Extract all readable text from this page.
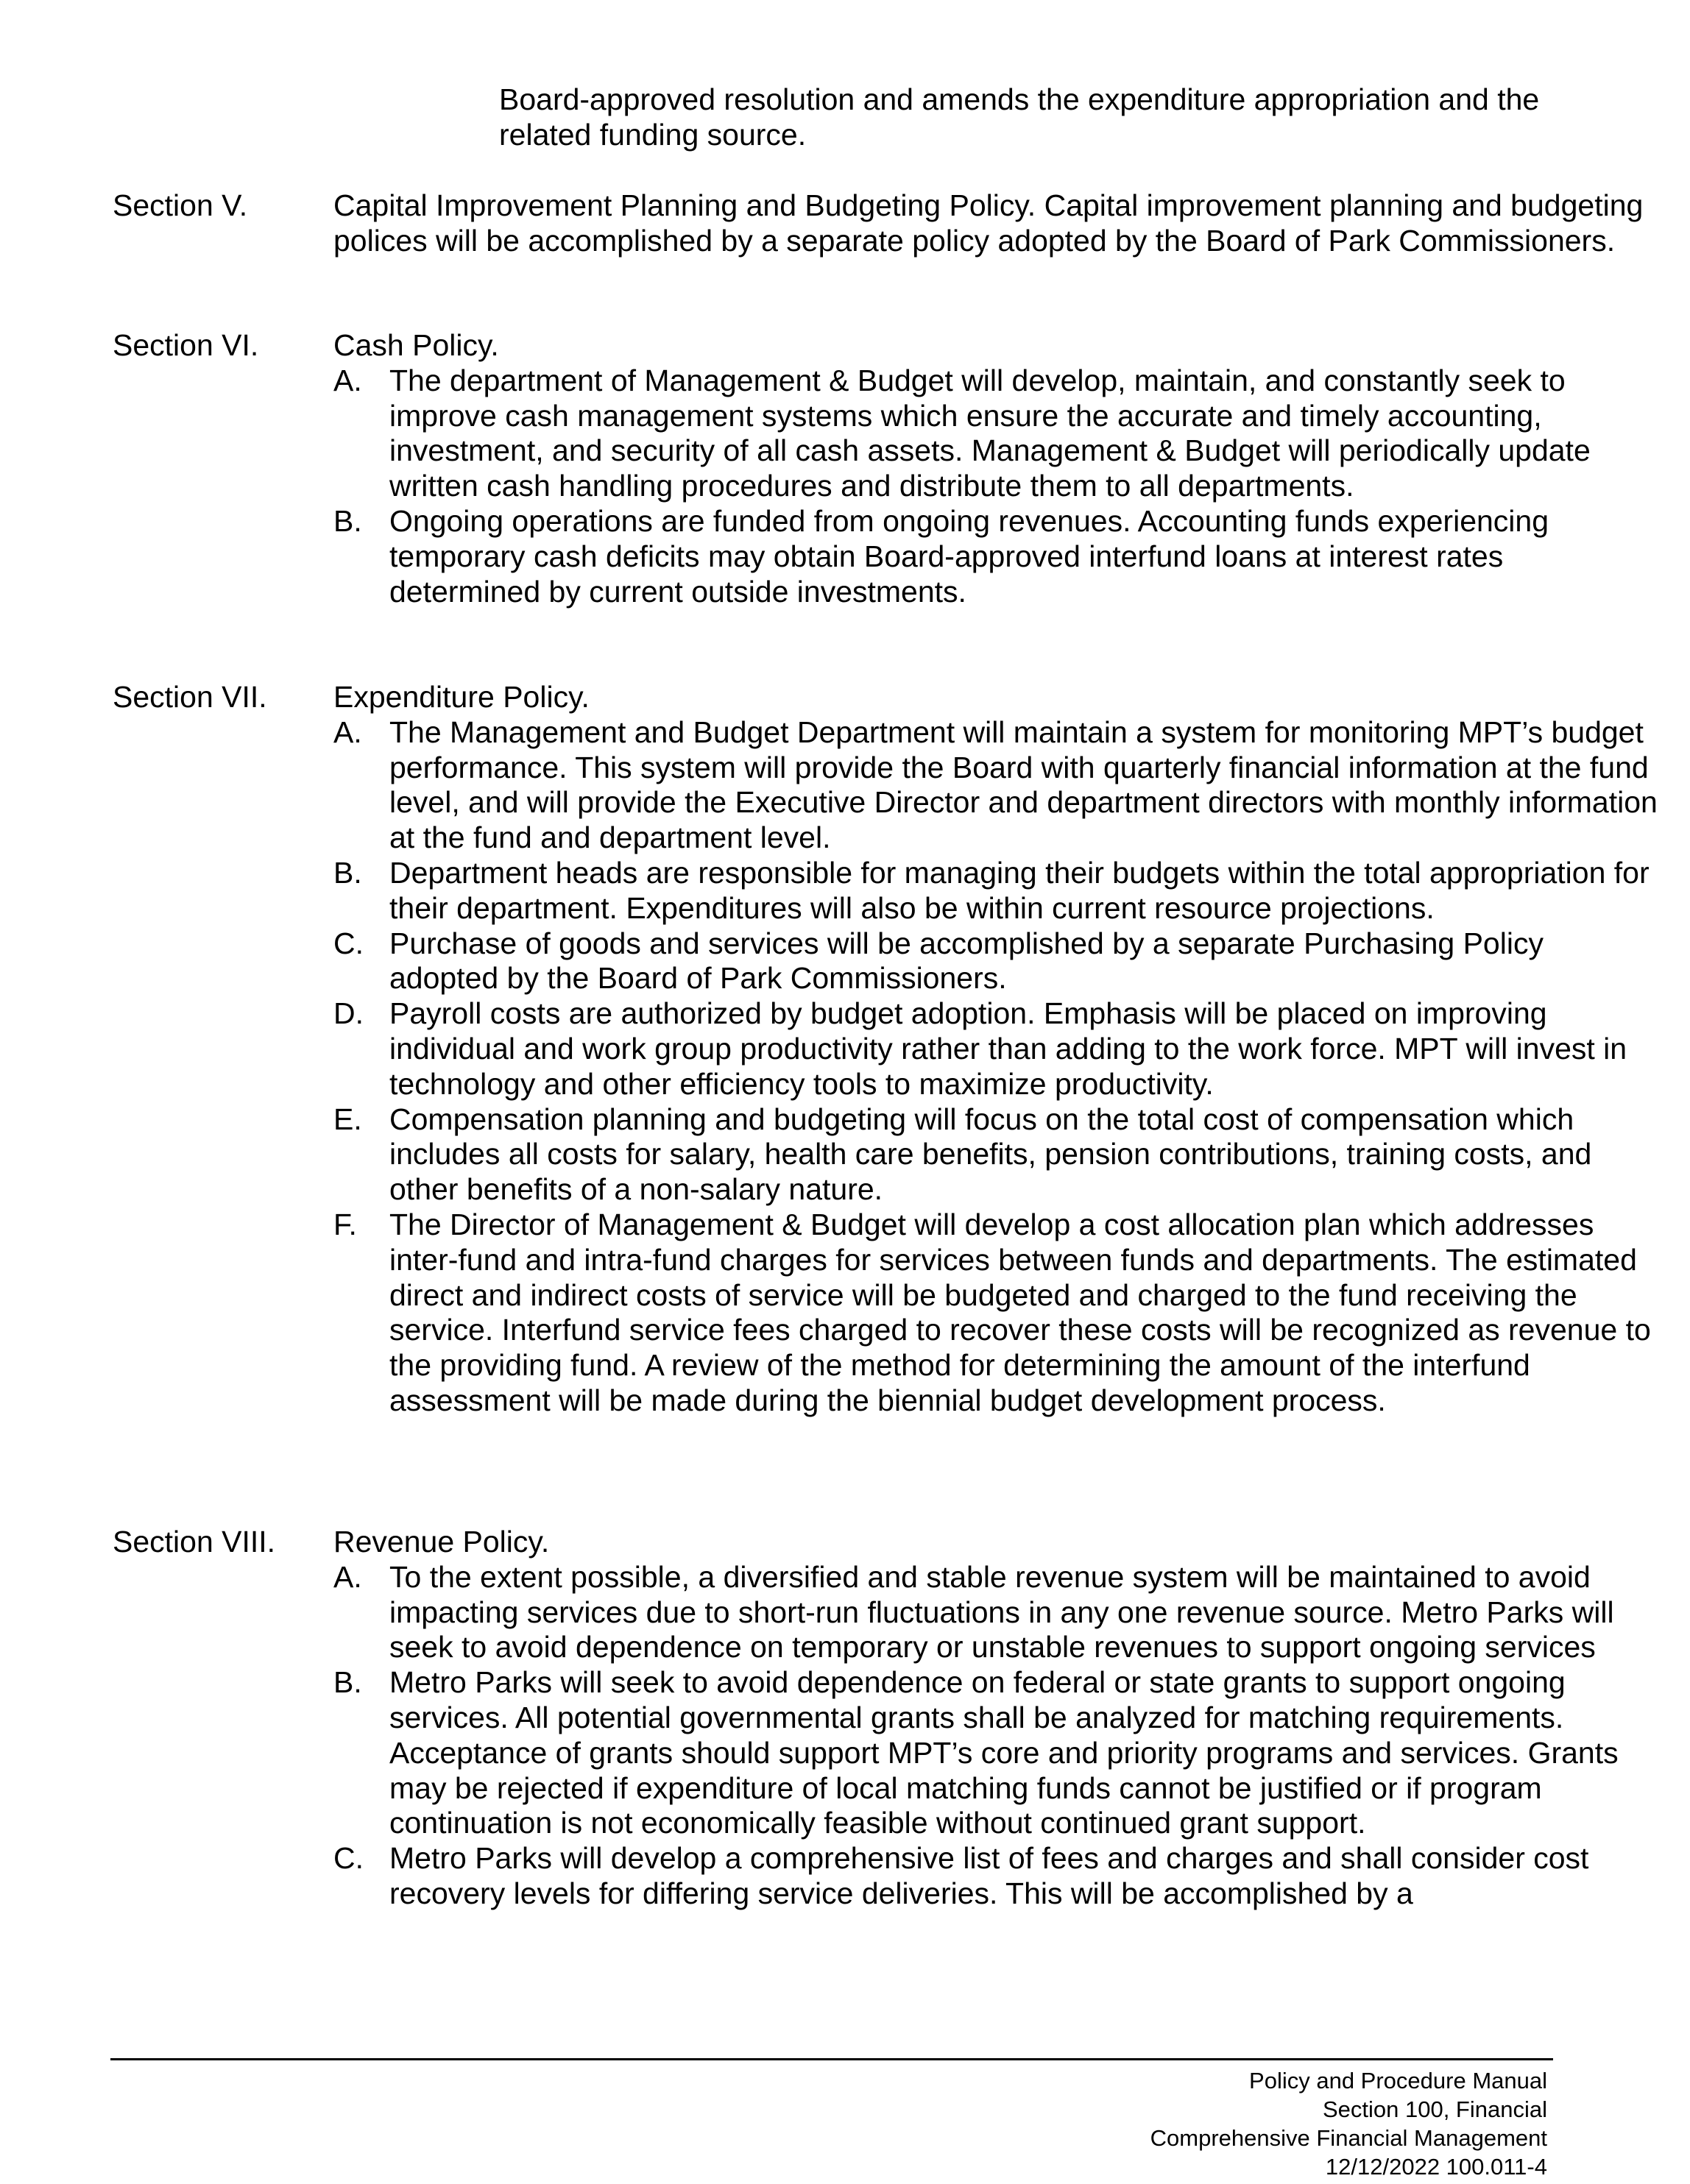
Board-approved resolution and amends the expenditure appropriation and the related funding source.
Section V.	Capital Improvement Planning and Budgeting Policy. Capital improvement planning and budgeting polices will be accomplished by a separate policy adopted by the Board of Park Commissioners.
Section VI.	Cash Policy.
A. The department of Management & Budget will develop, maintain, and constantly seek to improve cash management systems which ensure the accurate and timely accounting, investment, and security of all cash assets. Management & Budget will periodically update written cash handling procedures and distribute them to all departments.
B. Ongoing operations are funded from ongoing revenues. Accounting funds experiencing temporary cash deficits may obtain Board-approved interfund loans at interest rates determined by current outside investments.
Section VII.	Expenditure Policy.
A. The Management and Budget Department will maintain a system for monitoring MPT’s budget performance. This system will provide the Board with quarterly financial information at the fund level, and will provide the Executive Director and department directors with monthly information at the fund and department level.
B. Department heads are responsible for managing their budgets within the total appropriation for their department. Expenditures will also be within current resource projections.
C. Purchase of goods and services will be accomplished by a separate Purchasing Policy adopted by the Board of Park Commissioners.
D. Payroll costs are authorized by budget adoption. Emphasis will be placed on improving individual and work group productivity rather than adding to the work force. MPT will invest in technology and other efficiency tools to maximize productivity.
E. Compensation planning and budgeting will focus on the total cost of compensation which includes all costs for salary, health care benefits, pension contributions, training costs, and other benefits of a non-salary nature.
F. The Director of Management & Budget will develop a cost allocation plan which addresses inter-fund and intra-fund charges for services between funds and departments. The estimated direct and indirect costs of service will be budgeted and charged to the fund receiving the service. Interfund service fees charged to recover these costs will be recognized as revenue to the providing fund. A review of the method for determining the amount of the interfund assessment will be made during the biennial budget development process.
Section VIII.	Revenue Policy.
A. To the extent possible, a diversified and stable revenue system will be maintained to avoid impacting services due to short-run fluctuations in any one revenue source. Metro Parks will seek to avoid dependence on temporary or unstable revenues to support ongoing services
B. Metro Parks will seek to avoid dependence on federal or state grants to support ongoing services. All potential governmental grants shall be analyzed for matching requirements. Acceptance of grants should support MPT’s core and priority programs and services. Grants may be rejected if expenditure of local matching funds cannot be justified or if program continuation is not economically feasible without continued grant support.
C. Metro Parks will develop a comprehensive list of fees and charges and shall consider cost recovery levels for differing service deliveries. This will be accomplished by a
Policy and Procedure Manual
Section 100, Financial
Comprehensive Financial Management
12/12/2022 100.011-4
